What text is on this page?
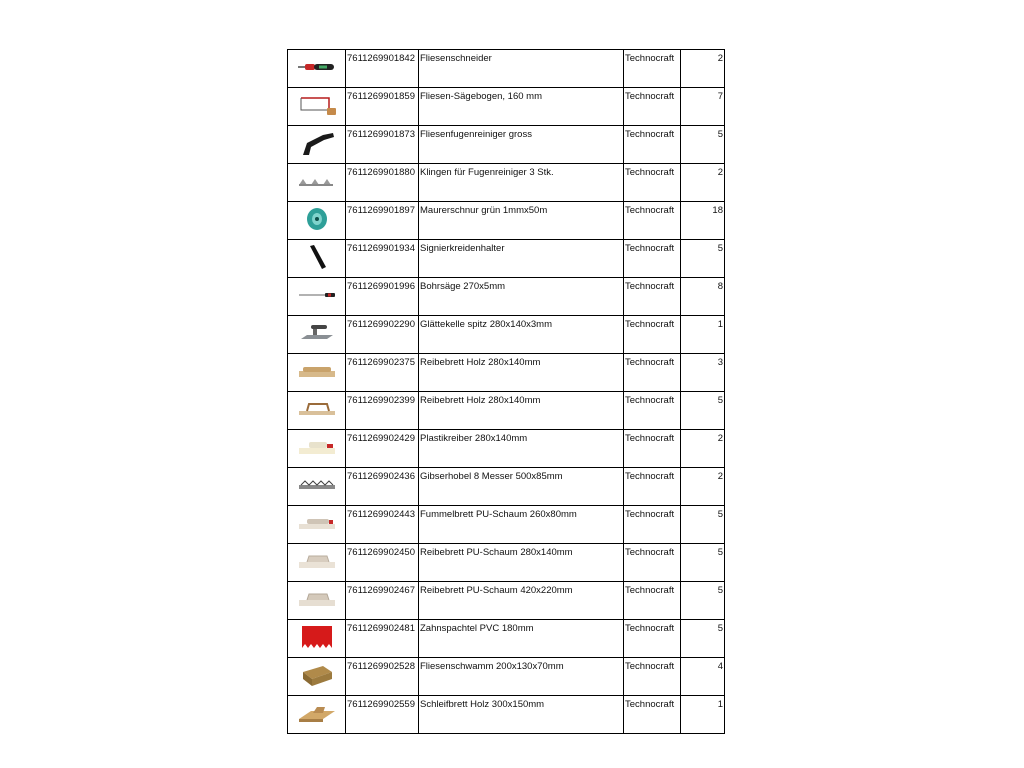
	7611269901842	Fliesenschneider	Technocraft	2
	7611269901859	Fliesen-Sägebogen, 160 mm	Technocraft	7
	7611269901873	Fliesenfugenreiniger gross	Technocraft	5
	7611269901880	Klingen für Fugenreiniger 3 Stk.	Technocraft	2
	7611269901897	Maurerschnur grün 1mmx50m	Technocraft	18
	7611269901934	Signierkreidenhalter	Technocraft	5
	7611269901996	Bohrsäge 270x5mm	Technocraft	8
	7611269902290	Glättekelle spitz 280x140x3mm	Technocraft	1
	7611269902375	Reibebrett Holz 280x140mm	Technocraft	3
	7611269902399	Reibebrett Holz 280x140mm	Technocraft	5
	7611269902429	Plastikreiber 280x140mm	Technocraft	2
	7611269902436	Gibserhobel 8 Messer 500x85mm	Technocraft	2
	7611269902443	Fummelbrett PU-Schaum 260x80mm	Technocraft	5
	7611269902450	Reibebrett PU-Schaum 280x140mm	Technocraft	5
	7611269902467	Reibebrett PU-Schaum 420x220mm	Technocraft	5
	7611269902481	Zahnspachtel PVC 180mm	Technocraft	5
	7611269902528	Fliesenschwamm 200x130x70mm	Technocraft	4
	7611269902559	Schleifbrett Holz 300x150mm	Technocraft	1
